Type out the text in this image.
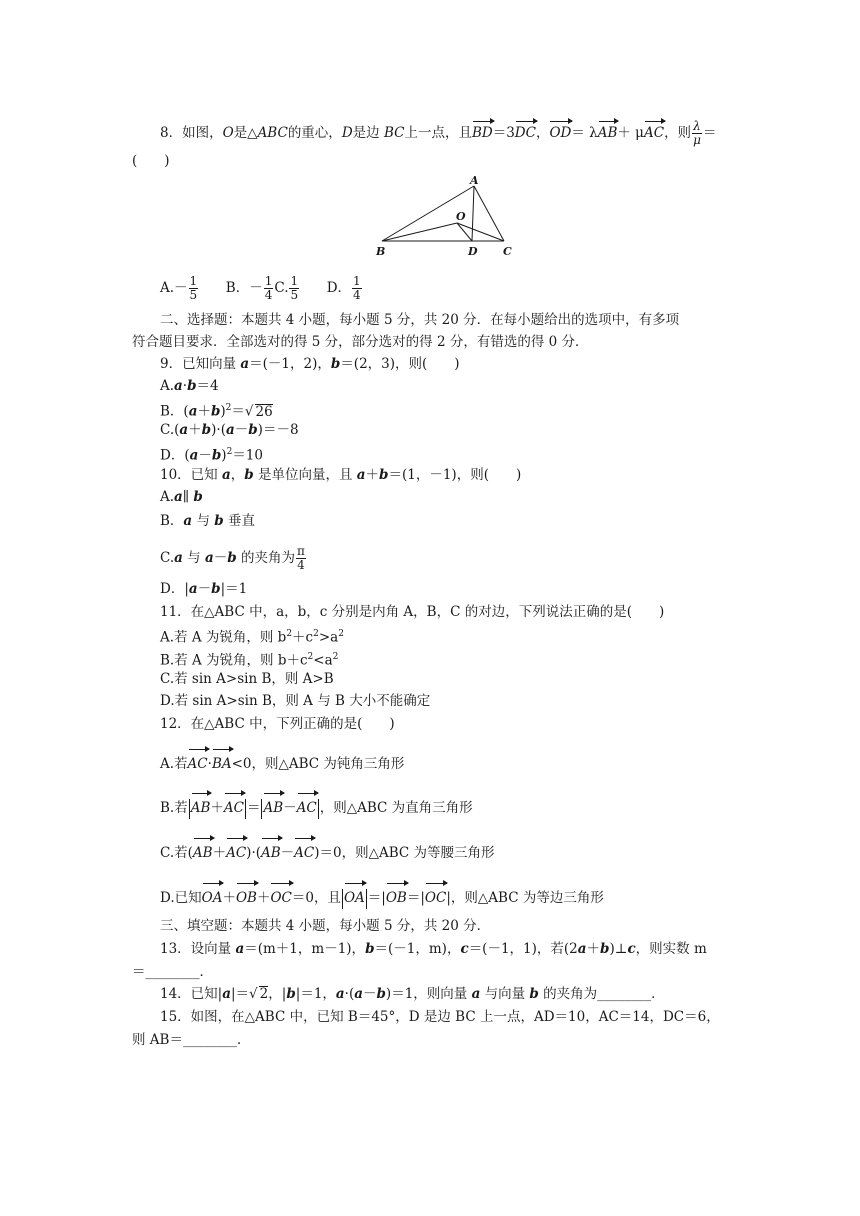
8．如图，O是△ABC的重心，D是边 BC上一点，且BD＝3DC，OD＝ λAB＋ μAC，则 $\frac{\lambda}{\mu}$ ＝
(　　)
A
O
B	D C
$A.- \frac{1}{5}$ B．－ $\frac{1}{4} C$. $\frac{1}{5}$ D． $\frac{1}{4}$
二、选择题：本题共 4 小题，每小题 5 分，共 20 分．在每小题给出的选项中，有多项
符合题目要求．全部选对的得 5 分，部分选对的得 2 分，有错选的得 0 分．
9．已知向量 a＝(－1，2)，b＝(2，3)，则(　　)
A.a·b＝4
B．$(a+b)^2=√$ 26
C.(a＋b)·(a－b)＝－8
D．$(a-b)^2=10$
10．已知 a，b 是单位向量，且 a＋b＝(1，－1)，则(　　)
A.a∥ b
B．a 与 b 垂直
C.a 与 a－b 的夹角为 $\frac{\pi}{4}$
D．|a－b|＝1
11．在△ABC 中，a，b，c 分别是内角 A，B，C 的对边，下列说法正确的是(　　)
A.若 A 为锐角，则 $b^2+c^2>a^2$
B.若 A 为锐角，则 $b+c^2<a^2$
C.若 sin A>sin B，则 A>B
D.若 sin A>sin B，则 A 与 B 大小不能确定
12．在△ABC 中，下列正确的是(　　)
A.若AC·BA<0，则△ABC 为钝角三角形
B.若 AB＋AC ＝ AB－AC ，则△ABC 为直角三角形
C.若(AB＋AC)·(AB－AC)＝0，则△ABC 为等腰三角形
D.已知OA＋OB＋OC＝0，且 OA ＝|OB＝|OC|，则△ABC 为等边三角形
三、填空题：本题共 4 小题，每小题 5 分，共 20 分．
13．设向量 a＝(m＋1，m－1)，b＝(－1，m)，c＝(－1，1)，若(2a＋b)⊥c，则实数 m
＝________．
14．已知|a|＝√ 2，|b|＝1，a·(a－b)＝1，则向量 a 与向量 b 的夹角为________．
15．如图，在△ABC 中，已知 B＝45°，D 是边 BC 上一点，AD＝10，AC＝14，DC＝6，
则 AB＝________．
